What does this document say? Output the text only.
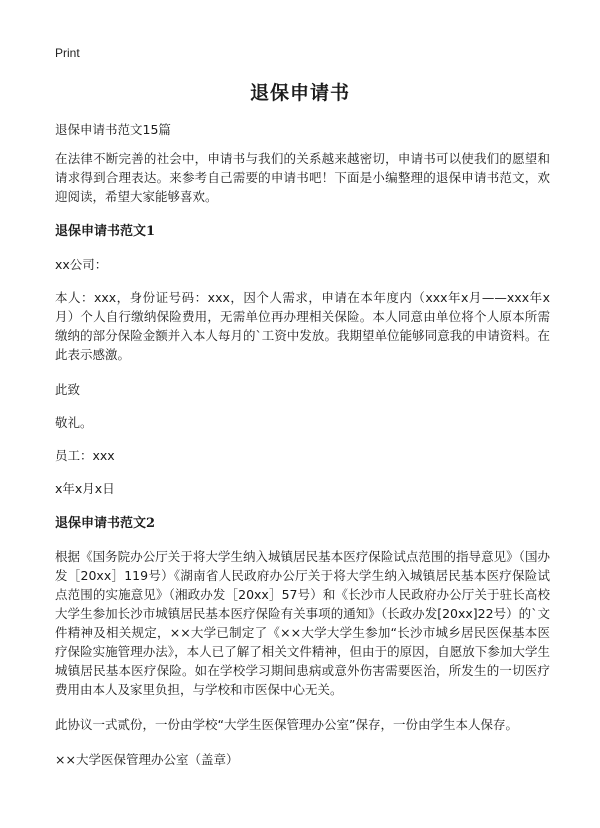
Print
退保申请书

退保申请书范文15篇

在法律不断完善的社会中，申请书与我们的关系越来越密切，申请书可以使我们的愿望和请求得到合理表达。来参考自己需要的申请书吧！下面是小编整理的退保申请书范文，欢迎阅读，希望大家能够喜欢。

退保申请书范文1

xx公司：

本人：xxx，身份证号码：xxx，因个人需求，申请在本年度内（xxx年x月——xxx年x月）个人自行缴纳保险费用，无需单位再办理相关保险。本人同意由单位将个人原本所需缴纳的部分保险金额并入本人每月的`工资中发放。我期望单位能够同意我的申请资料。在此表示感激。

此致

敬礼。

员工：xxx

x年x月x日

退保申请书范文2

根据《国务院办公厅关于将大学生纳入城镇居民基本医疗保险试点范围的指导意见》（国办发［20xx］119号）《湖南省人民政府办公厅关于将大学生纳入城镇居民基本医疗保险试点范围的实施意见》（湘政办发［20xx］57号）和《长沙市人民政府办公厅关于驻长高校大学生参加长沙市城镇居民基本医疗保险有关事项的通知》（长政办发[20xx]22号）的`文件精神及相关规定，××大学已制定了《××大学大学生参加“长沙市城乡居民医保基本医疗保险实施管理办法》，本人已了解了相关文件精神，但由于的原因，自愿放下参加大学生城镇居民基本医疗保险。如在学校学习期间患病或意外伤害需要医治，所发生的一切医疗费用由本人及家里负担，与学校和市医保中心无关。

此协议一式贰份，一份由学校“大学生医保管理办公室”保存，一份由学生本人保存。

××大学医保管理办公室（盖章）
